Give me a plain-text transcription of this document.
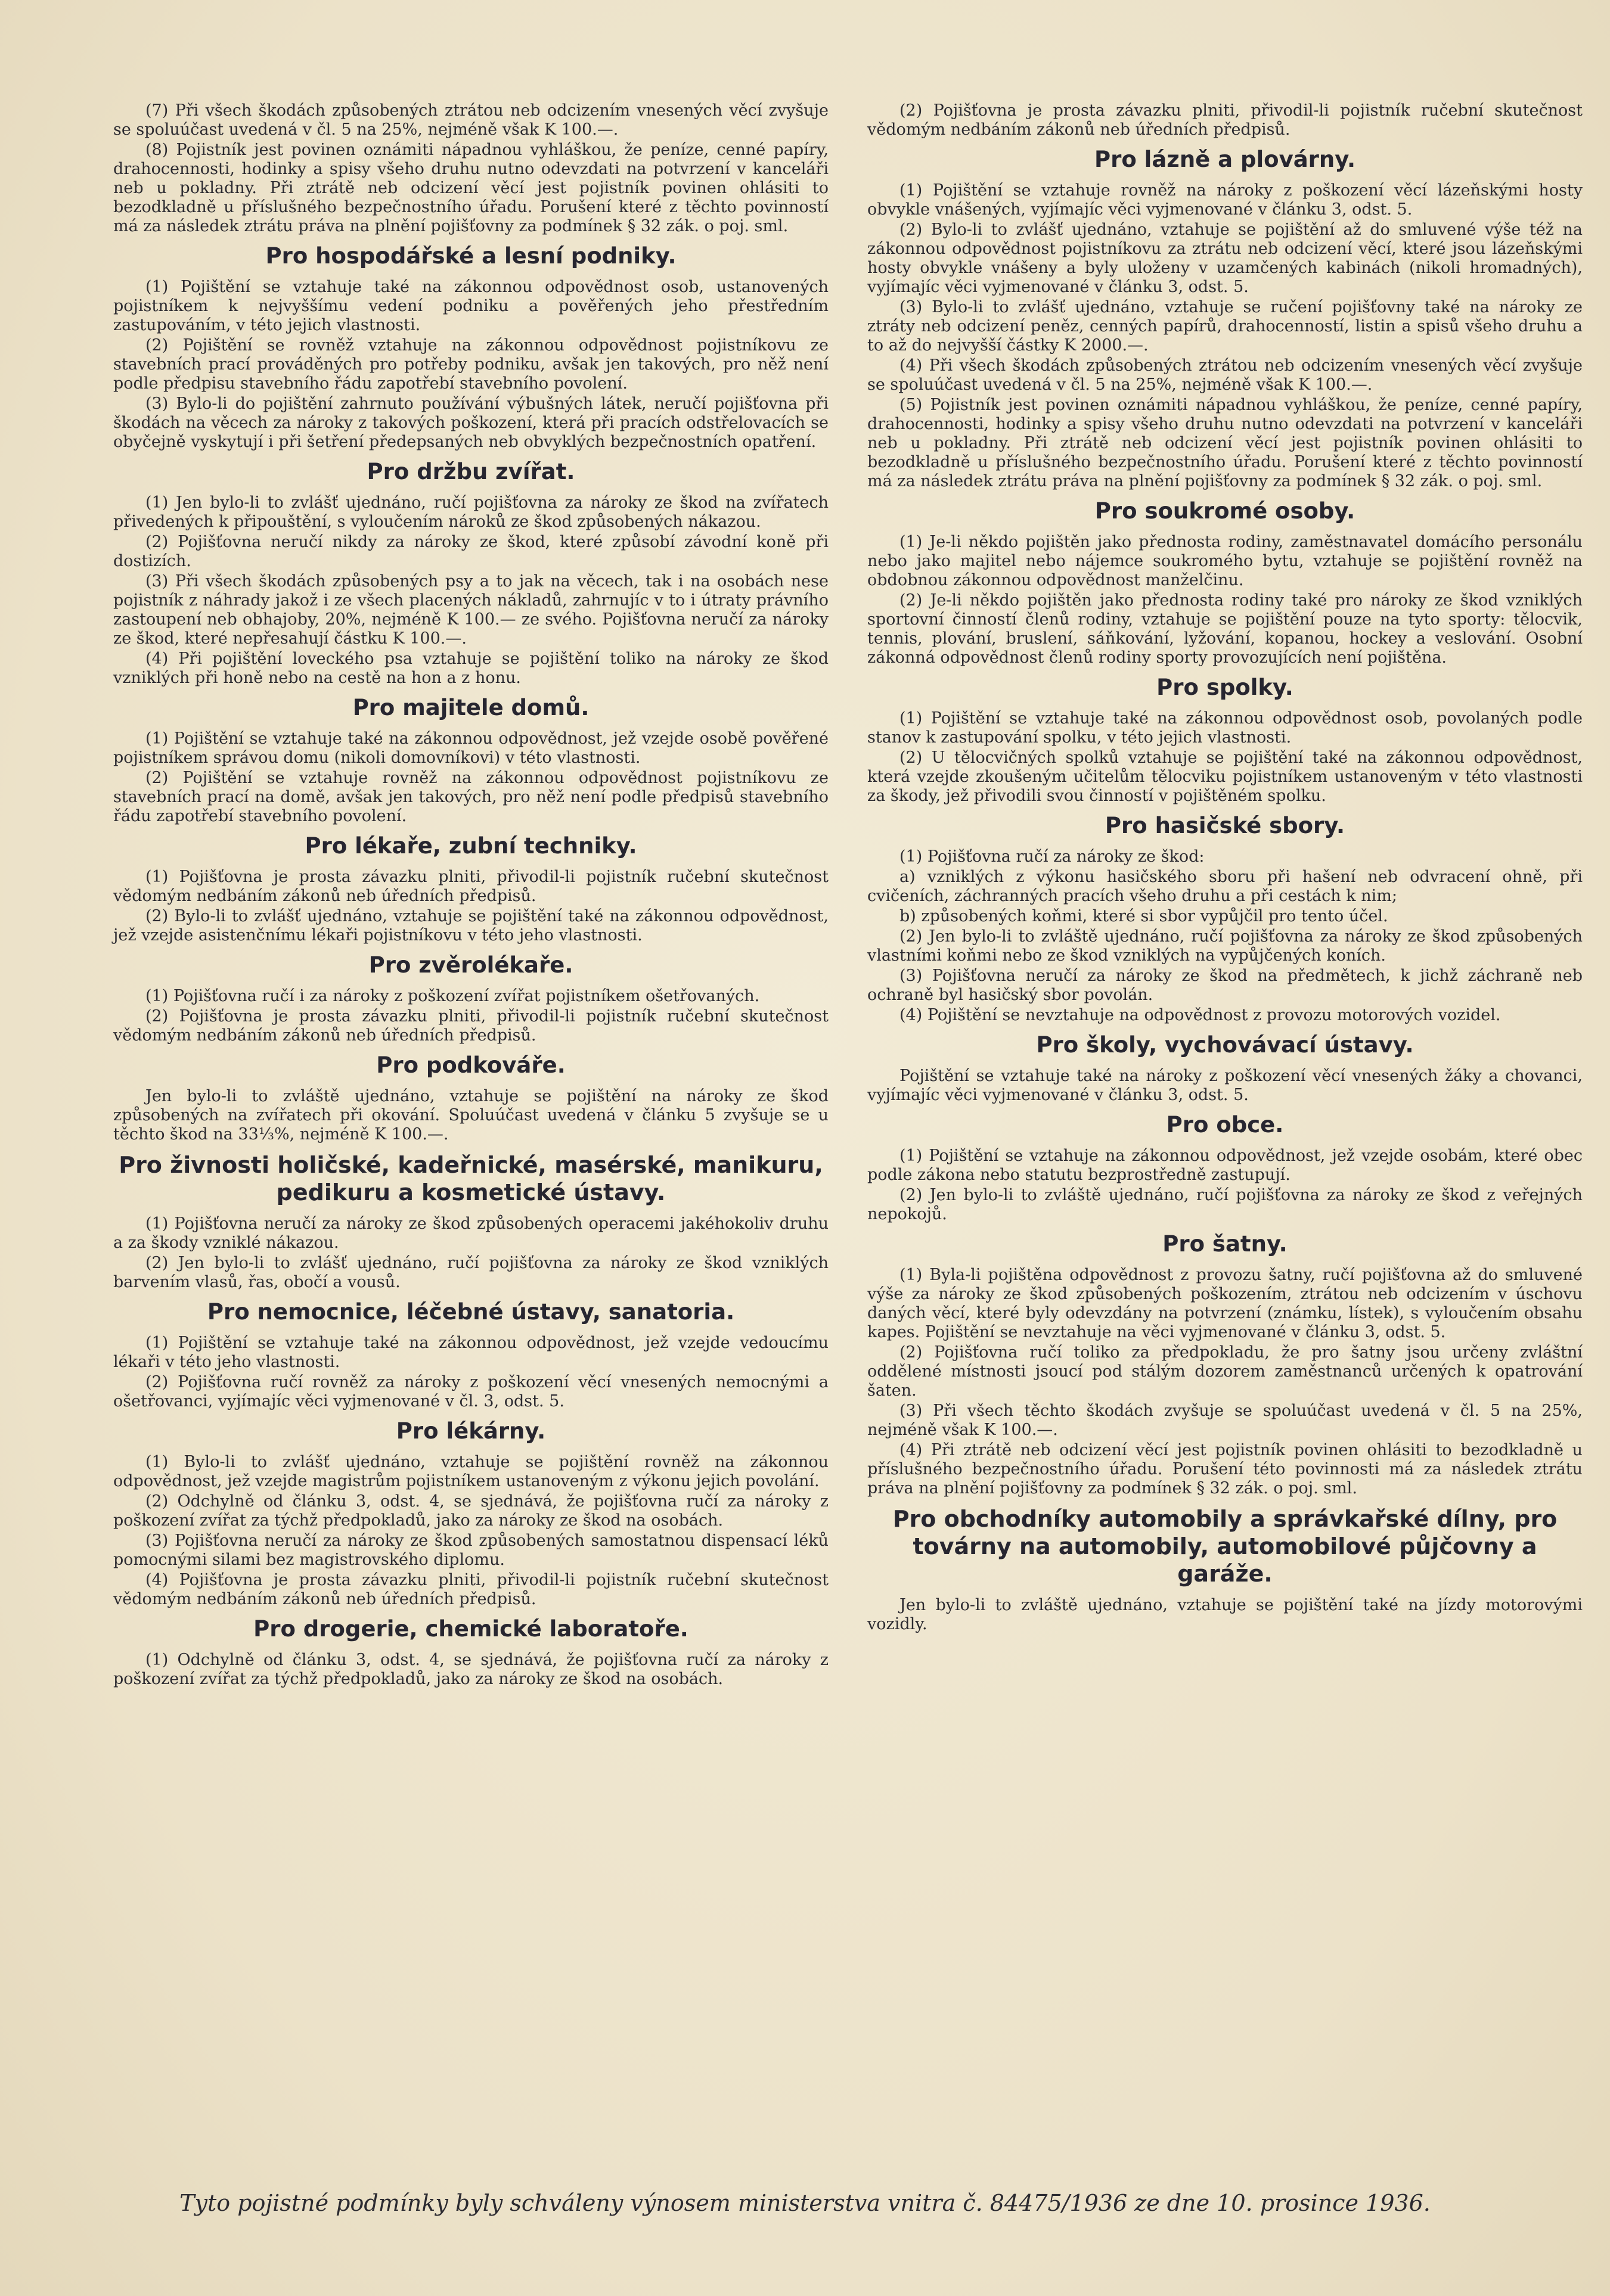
(7) Při všech škodách způsobených ztrátou neb odcizením vnesených věcí zvyšuje se spoluúčast uvedená v čl. 5 na 25%, nejméně však K 100.—.

(8) Pojistník jest povinen oznámiti nápadnou vyhláškou, že peníze, cenné papíry, drahocennosti, hodinky a spisy všeho druhu nutno odevzdati na potvrzení v kanceláři neb u pokladny. Při ztrátě neb odcizení věcí jest pojistník povinen ohlásiti to bezodkladně u příslušného bezpečnostního úřadu. Porušení které z těchto povinností má za následek ztrátu práva na plnění pojišťovny za podmínek § 32 zák. o poj. sml.

Pro hospodářské a lesní podniky.

(1) Pojištění se vztahuje také na zákonnou odpovědnost osob, ustanovených pojistníkem k nejvyššímu vedení podniku a pověřených jeho přestředním zastupováním, v této jejich vlastnosti.

(2) Pojištění se rovněž vztahuje na zákonnou odpovědnost pojistníkovu ze stavebních prací prováděných pro potřeby podniku, avšak jen takových, pro něž není podle předpisu stavebního řádu zapotřebí stavebního povolení.

(3) Bylo-li do pojištění zahrnuto používání výbušných látek, neručí pojišťovna při škodách na věcech za nároky z takových poškození, která při pracích odstřelovacích se obyčejně vyskytují i při šetření předepsaných neb obvyklých bezpečnostních opatření.

Pro držbu zvířat.

(1) Jen bylo-li to zvlášť ujednáno, ručí pojišťovna za nároky ze škod na zvířatech přivedených k připouštění, s vyloučením nároků ze škod způsobených nákazou.

(2) Pojišťovna neručí nikdy za nároky ze škod, které způsobí závodní koně při dostizích.

(3) Při všech škodách způsobených psy a to jak na věcech, tak i na osobách nese pojistník z náhrady jakož i ze všech placených nákladů, zahrnujíc v to i útraty právního zastoupení neb obhajoby, 20%, nejméně K 100.— ze svého. Pojišťovna neručí za nároky ze škod, které nepřesahují částku K 100.—.

(4) Při pojištění loveckého psa vztahuje se pojištění toliko na nároky ze škod vzniklých při honě nebo na cestě na hon a z honu.

Pro majitele domů.

(1) Pojištění se vztahuje také na zákonnou odpovědnost, jež vzejde osobě pověřené pojistníkem správou domu (nikoli domovníkovi) v této vlastnosti.

(2) Pojištění se vztahuje rovněž na zákonnou odpovědnost pojistníkovu ze stavebních prací na domě, avšak jen takových, pro něž není podle předpisů stavebního řádu zapotřebí stavebního povolení.

Pro lékaře, zubní techniky.

(1) Pojišťovna je prosta závazku plniti, přivodil-li pojistník ručební skutečnost vědomým nedbáním zákonů neb úředních předpisů.

(2) Bylo-li to zvlášť ujednáno, vztahuje se pojištění také na zákonnou odpovědnost, jež vzejde asistenčnímu lékaři pojistníkovu v této jeho vlastnosti.

Pro zvěrolékaře.

(1) Pojišťovna ručí i za nároky z poškození zvířat pojistníkem ošetřovaných.

(2) Pojišťovna je prosta závazku plniti, přivodil-li pojistník ručební skutečnost vědomým nedbáním zákonů neb úředních předpisů.

Pro podkováře.

Jen bylo-li to zvláště ujednáno, vztahuje se pojištění na nároky ze škod způsobených na zvířatech při okování. Spoluúčast uvedená v článku 5 zvyšuje se u těchto škod na 33⅓%, nejméně K 100.—.

Pro živnosti holičské, kadeřnické, masérské, manikuru, pedikuru a kosmetické ústavy.

(1) Pojišťovna neručí za nároky ze škod způsobených operacemi jakéhokoliv druhu a za škody vzniklé nákazou.

(2) Jen bylo-li to zvlášť ujednáno, ručí pojišťovna za nároky ze škod vzniklých barvením vlasů, řas, obočí a vousů.

Pro nemocnice, léčebné ústavy, sanatoria.

(1) Pojištění se vztahuje také na zákonnou odpovědnost, jež vzejde vedoucímu lékaři v této jeho vlastnosti.

(2) Pojišťovna ručí rovněž za nároky z poškození věcí vnesených nemocnými a ošetřovanci, vyjímajíc věci vyjmenované v čl. 3, odst. 5.

Pro lékárny.

(1) Bylo-li to zvlášť ujednáno, vztahuje se pojištění rovněž na zákonnou odpovědnost, jež vzejde magistrům pojistníkem ustanoveným z výkonu jejich povolání.

(2) Odchylně od článku 3, odst. 4, se sjednává, že pojišťovna ručí za nároky z poškození zvířat za týchž předpokladů, jako za nároky ze škod na osobách.

(3) Pojišťovna neručí za nároky ze škod způsobených samostatnou dispensací léků pomocnými silami bez magistrovského diplomu.

(4) Pojišťovna je prosta závazku plniti, přivodil-li pojistník ručební skutečnost vědomým nedbáním zákonů neb úředních předpisů.

Pro drogerie, chemické laboratoře.

(1) Odchylně od článku 3, odst. 4, se sjednává, že pojišťovna ručí za nároky z poškození zvířat za týchž předpokladů, jako za nároky ze škod na osobách.

(2) Pojišťovna je prosta závazku plniti, přivodil-li pojistník ručební skutečnost vědomým nedbáním zákonů neb úředních předpisů.

Pro lázně a plovárny.

(1) Pojištění se vztahuje rovněž na nároky z poškození věcí lázeňskými hosty obvykle vnášených, vyjímajíc věci vyjmenované v článku 3, odst. 5.

(2) Bylo-li to zvlášť ujednáno, vztahuje se pojištění až do smluvené výše též na zákonnou odpovědnost pojistníkovu za ztrátu neb odcizení věcí, které jsou lázeňskými hosty obvykle vnášeny a byly uloženy v uzamčených kabinách (nikoli hromadných), vyjímajíc věci vyjmenované v článku 3, odst. 5.

(3) Bylo-li to zvlášť ujednáno, vztahuje se ručení pojišťovny také na nároky ze ztráty neb odcizení peněz, cenných papírů, drahocenností, listin a spisů všeho druhu a to až do nejvyšší částky K 2000.—.

(4) Při všech škodách způsobených ztrátou neb odcizením vnesených věcí zvyšuje se spoluúčast uvedená v čl. 5 na 25%, nejméně však K 100.—.

(5) Pojistník jest povinen oznámiti nápadnou vyhláškou, že peníze, cenné papíry, drahocennosti, hodinky a spisy všeho druhu nutno odevzdati na potvrzení v kanceláři neb u pokladny. Při ztrátě neb odcizení věcí jest pojistník povinen ohlásiti to bezodkladně u příslušného bezpečnostního úřadu. Porušení které z těchto povinností má za následek ztrátu práva na plnění pojišťovny za podmínek § 32 zák. o poj. sml.

Pro soukromé osoby.

(1) Je-li někdo pojištěn jako přednosta rodiny, zaměstnavatel domácího personálu nebo jako majitel nebo nájemce soukromého bytu, vztahuje se pojištění rovněž na obdobnou zákonnou odpovědnost manželčinu.

(2) Je-li někdo pojištěn jako přednosta rodiny také pro nároky ze škod vzniklých sportovní činností členů rodiny, vztahuje se pojištění pouze na tyto sporty: tělocvik, tennis, plování, bruslení, sáňkování, lyžování, kopanou, hockey a veslování. Osobní zákonná odpovědnost členů rodiny sporty provozujících není pojištěna.

Pro spolky.

(1) Pojištění se vztahuje také na zákonnou odpovědnost osob, povolaných podle stanov k zastupování spolku, v této jejich vlastnosti.

(2) U tělocvičných spolků vztahuje se pojištění také na zákonnou odpovědnost, která vzejde zkoušeným učitelům tělocviku pojistníkem ustanoveným v této vlastnosti za škody, jež přivodili svou činností v pojištěném spolku.

Pro hasičské sbory.

(1) Pojišťovna ručí za nároky ze škod:

a) vzniklých z výkonu hasičského sboru při hašení neb odvracení ohně, při cvičeních, záchranných pracích všeho druhu a při cestách k nim;

b) způsobených koňmi, které si sbor vypůjčil pro tento účel.

(2) Jen bylo-li to zvláště ujednáno, ručí pojišťovna za nároky ze škod způsobených vlastními koňmi nebo ze škod vzniklých na vypůjčených koních.

(3) Pojišťovna neručí za nároky ze škod na předmětech, k jichž záchraně neb ochraně byl hasičský sbor povolán.

(4) Pojištění se nevztahuje na odpovědnost z provozu motorových vozidel.

Pro školy, vychovávací ústavy.

Pojištění se vztahuje také na nároky z poškození věcí vnesených žáky a chovanci, vyjímajíc věci vyjmenované v článku 3, odst. 5.

Pro obce.

(1) Pojištění se vztahuje na zákonnou odpovědnost, jež vzejde osobám, které obec podle zákona nebo statutu bezprostředně zastupují.

(2) Jen bylo-li to zvláště ujednáno, ručí pojišťovna za nároky ze škod z veřejných nepokojů.

Pro šatny.

(1) Byla-li pojištěna odpovědnost z provozu šatny, ručí pojišťovna až do smluvené výše za nároky ze škod způsobených poškozením, ztrátou neb odcizením v úschovu daných věcí, které byly odevzdány na potvrzení (známku, lístek), s vyloučením obsahu kapes. Pojištění se nevztahuje na věci vyjmenované v článku 3, odst. 5.

(2) Pojišťovna ručí toliko za předpokladu, že pro šatny jsou určeny zvláštní oddělené místnosti jsoucí pod stálým dozorem zaměstnanců určených k opatrování šaten.

(3) Při všech těchto škodách zvyšuje se spoluúčast uvedená v čl. 5 na 25%, nejméně však K 100.—.

(4) Při ztrátě neb odcizení věcí jest pojistník povinen ohlásiti to bezodkladně u příslušného bezpečnostního úřadu. Porušení této povinnosti má za následek ztrátu práva na plnění pojišťovny za podmínek § 32 zák. o poj. sml.

Pro obchodníky automobily a správkařské dílny, pro továrny na automobily, automobilové půjčovny a garáže.

Jen bylo-li to zvláště ujednáno, vztahuje se pojištění také na jízdy motorovými vozidly.

Tyto pojistné podmínky byly schváleny výnosem ministerstva vnitra č. 84475/1936 ze dne 10. prosince 1936.
